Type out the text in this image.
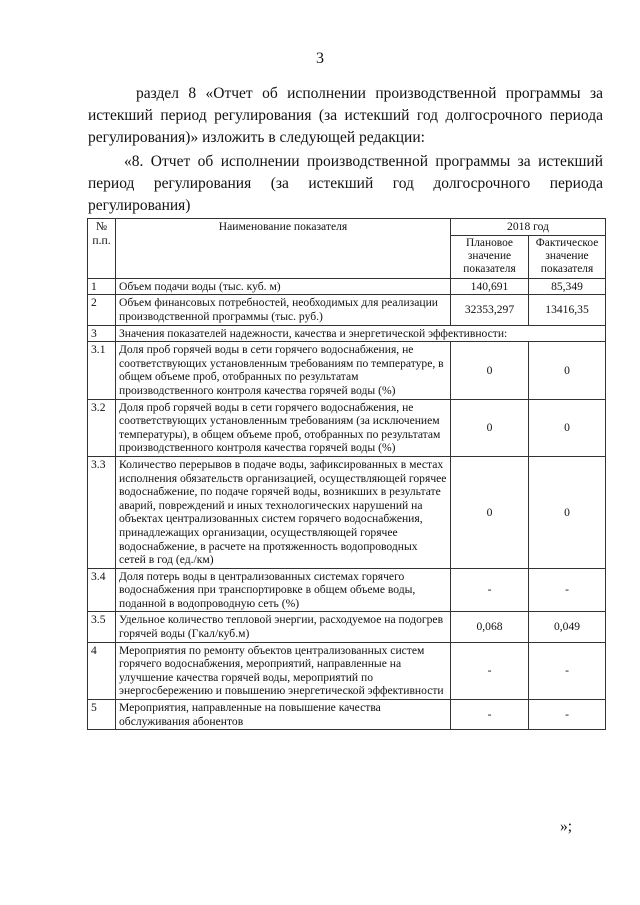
3
раздел 8 «Отчет об исполнении производственной программы за истекший период регулирования (за истекший год долгосрочного периода регулирования)» изложить в следующей редакции:
«8. Отчет об исполнении производственной программы за истекший период регулирования (за истекший год долгосрочного периода регулирования)
№ п.п.	Наименование показателя	2018 год	
		Плановое значение показателя	Фактическое значение показателя
1	Объем подачи воды (тыс. куб. м)	140,691	85,349
2	Объем финансовых потребностей, необходимых для реализации производственной программы (тыс. руб.)	32353,297	13416,35
3	Значения показателей надежности, качества и энергетической эффективности:		
3.1	Доля проб горячей воды в сети горячего водоснабжения, не соответствующих установленным требованиям по температуре, в общем объеме проб, отобранных по результатам производственного контроля качества горячей воды (%)	0	0
3.2	Доля проб горячей воды в сети горячего водоснабжения, не соответствующих установленным требованиям (за исключением температуры), в общем объеме проб, отобранных по результатам производственного контроля качества горячей воды (%)	0	0
3.3	Количество перерывов в подаче воды, зафиксированных в местах исполнения обязательств организацией, осуществляющей горячее водоснабжение, по подаче горячей воды, возникших в результате аварий, повреждений и иных технологических нарушений на объектах централизованных систем горячего водоснабжения, принадлежащих организации, осуществляющей горячее водоснабжение, в расчете на протяженность водопроводных сетей в год (ед./км)	0	0
3.4	Доля потерь воды в централизованных системах горячего водоснабжения при транспортировке в общем объеме воды, поданной в водопроводную сеть (%)	-	-
3.5	Удельное количество тепловой энергии, расходуемое на подогрев горячей воды (Гкал/куб.м)	0,068	0,049
4	Мероприятия по ремонту объектов централизованных систем горячего водоснабжения, мероприятий, направленные на улучшение качества горячей воды, мероприятий по энергосбережению и повышению энергетической эффективности	-	-
5	Мероприятия, направленные на повышение качества обслуживания абонентов	-	-
»;
